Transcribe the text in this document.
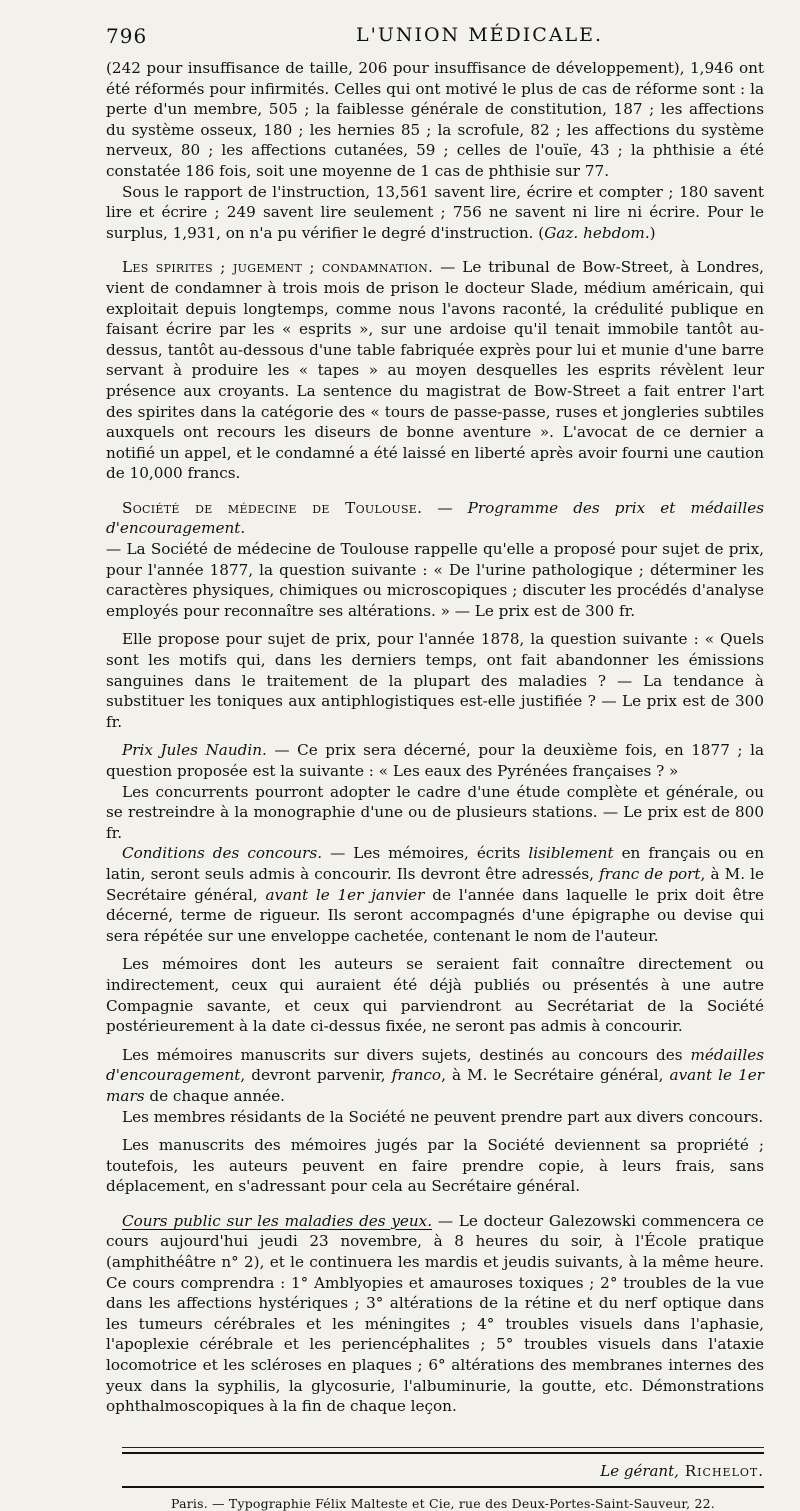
796	L'UNION MÉDICALE.

(242 pour insuffisance de taille, 206 pour insuffisance de développement), 1,946 ont été réformés pour infirmités. Celles qui ont motivé le plus de cas de réforme sont : la perte d'un membre, 505 ; la faiblesse générale de constitution, 187 ; les affections du système osseux, 180 ; les hernies 85 ; la scrofule, 82 ; les affections du système nerveux, 80 ; les affections cutanées, 59 ; celles de l'ouïe, 43 ; la phthisie a été constatée 186 fois, soit une moyenne de 1 cas de phthisie sur 77.

Sous le rapport de l'instruction, 13,561 savent lire, écrire et compter ; 180 savent lire et écrire ; 249 savent lire seulement ; 756 ne savent ni lire ni écrire. Pour le surplus, 1,931, on n'a pu vérifier le degré d'instruction. (Gaz. hebdom.)

Les spirites ; jugement ; condamnation. — Le tribunal de Bow-Street, à Londres, vient de condamner à trois mois de prison le docteur Slade, médium américain, qui exploitait depuis longtemps, comme nous l'avons raconté, la crédulité publique en faisant écrire par les « esprits », sur une ardoise qu'il tenait immobile tantôt au-dessus, tantôt au-dessous d'une table fabriquée exprès pour lui et munie d'une barre servant à produire les « tapes » au moyen desquelles les esprits révèlent leur présence aux croyants. La sentence du magistrat de Bow-Street a fait entrer l'art des spirites dans la catégorie des « tours de passe-passe, ruses et jongleries subtiles auxquels ont recours les diseurs de bonne aventure ». L'avocat de ce dernier a notifié un appel, et le condamné a été laissé en liberté après avoir fourni une caution de 10,000 francs.

Société de médecine de Toulouse. — Programme des prix et médailles d'encouragement.

— La Société de médecine de Toulouse rappelle qu'elle a proposé pour sujet de prix, pour l'année 1877, la question suivante : « De l'urine pathologique ; déterminer les caractères physiques, chimiques ou microscopiques ; discuter les procédés d'analyse employés pour reconnaître ses altérations. » — Le prix est de 300 fr.

Elle propose pour sujet de prix, pour l'année 1878, la question suivante : « Quels sont les motifs qui, dans les derniers temps, ont fait abandonner les émissions sanguines dans le traitement de la plupart des maladies ? — La tendance à substituer les toniques aux antiphlogistiques est-elle justifiée ? — Le prix est de 300 fr.

Prix Jules Naudin. — Ce prix sera décerné, pour la deuxième fois, en 1877 ; la question proposée est la suivante : « Les eaux des Pyrénées françaises ? »

Les concurrents pourront adopter le cadre d'une étude complète et générale, ou se restreindre à la monographie d'une ou de plusieurs stations. — Le prix est de 800 fr.

Conditions des concours. — Les mémoires, écrits lisiblement en français ou en latin, seront seuls admis à concourir. Ils devront être adressés, franc de port, à M. le Secrétaire général, avant le 1er janvier de l'année dans laquelle le prix doit être décerné, terme de rigueur. Ils seront accompagnés d'une épigraphe ou devise qui sera répétée sur une enveloppe cachetée, contenant le nom de l'auteur.

Les mémoires dont les auteurs se seraient fait connaître directement ou indirectement, ceux qui auraient été déjà publiés ou présentés à une autre Compagnie savante, et ceux qui parviendront au Secrétariat de la Société postérieurement à la date ci-dessus fixée, ne seront pas admis à concourir.

Les mémoires manuscrits sur divers sujets, destinés au concours des médailles d'encouragement, devront parvenir, franco, à M. le Secrétaire général, avant le 1er mars de chaque année.

Les membres résidants de la Société ne peuvent prendre part aux divers concours.

Les manuscrits des mémoires jugés par la Société deviennent sa propriété ; toutefois, les auteurs peuvent en faire prendre copie, à leurs frais, sans déplacement, en s'adressant pour cela au Secrétaire général.

Cours public sur les maladies des yeux. — Le docteur Galezowski commencera ce cours aujourd'hui jeudi 23 novembre, à 8 heures du soir, à l'École pratique (amphithéâtre n° 2), et le continuera les mardis et jeudis suivants, à la même heure. Ce cours comprendra : 1° Amblyopies et amauroses toxiques ; 2° troubles de la vue dans les affections hystériques ; 3° altérations de la rétine et du nerf optique dans les tumeurs cérébrales et les méningites ; 4° troubles visuels dans l'aphasie, l'apoplexie cérébrale et les periencéphalites ; 5° troubles visuels dans l'ataxie locomotrice et les scléroses en plaques ; 6° altérations des membranes internes des yeux dans la syphilis, la glycosurie, l'albuminurie, la goutte, etc. Démonstrations ophthalmoscopiques à la fin de chaque leçon.

Le gérant, Richelot.
Paris. — Typographie Félix Malteste et Cie, rue des Deux-Portes-Saint-Sauveur, 22.
